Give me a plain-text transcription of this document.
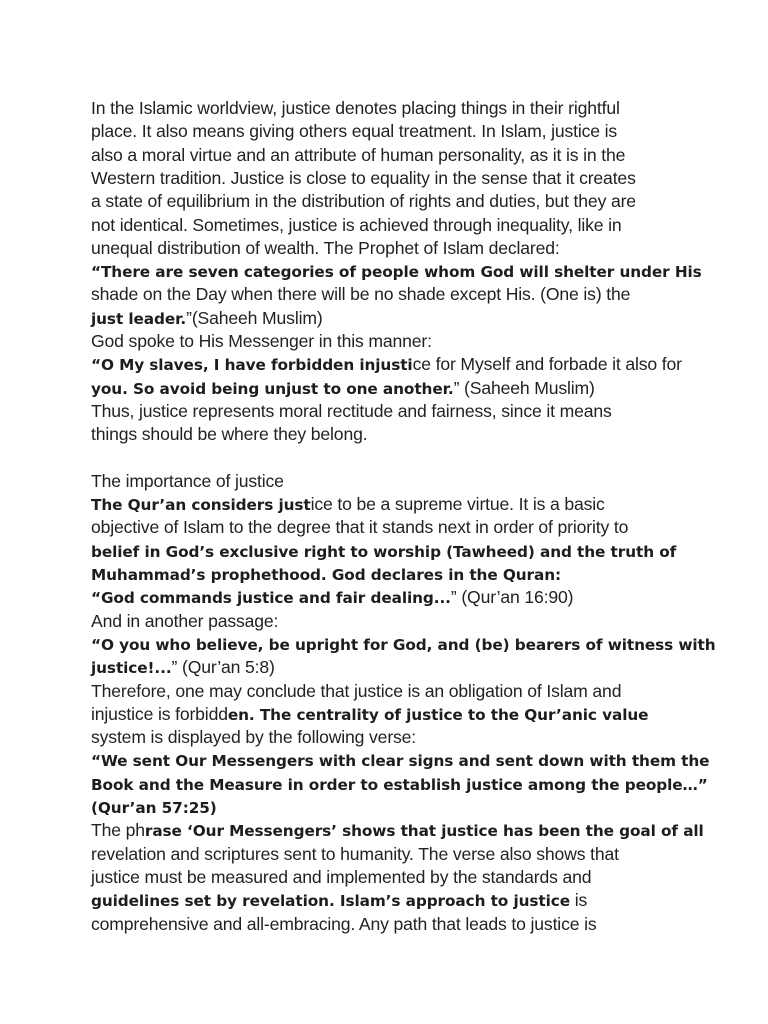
In the Islamic worldview, justice denotes placing things in their rightful
place. It also means giving others equal treatment. In Islam, justice is
also a moral virtue and an attribute of human personality, as it is in the
Western tradition. Justice is close to equality in the sense that it creates
a state of equilibrium in the distribution of rights and duties, but they are
not identical. Sometimes, justice is achieved through inequality, like in
unequal distribution of wealth. The Prophet of Islam declared:
“There are seven categories of people whom God will shelter under His
shade on the Day when there will be no shade except His. (One is) the
just leader.”(Saheeh Muslim)
God spoke to His Messenger in this manner:
“O My slaves, I have forbidden injustice for Myself and forbade it also for
you. So avoid being unjust to one another.” (Saheeh Muslim)
Thus, justice represents moral rectitude and fairness, since it means
things should be where they belong.
The importance of justice
The Qur’an considers justice to be a supreme virtue. It is a basic
objective of Islam to the degree that it stands next in order of priority to
belief in God’s exclusive right to worship (Tawheed) and the truth of
Muhammad’s prophethood. God declares in the Quran:
“God commands justice and fair dealing...” (Qur’an 16:90)
And in another passage:
“O you who believe, be upright for God, and (be) bearers of witness with
justice!...” (Qur’an 5:8)
Therefore, one may conclude that justice is an obligation of Islam and
injustice is forbidden. The centrality of justice to the Qur’anic value
system is displayed by the following verse:
“We sent Our Messengers with clear signs and sent down with them the
Book and the Measure in order to establish justice among the people…”
(Qur’an 57:25)
The phrase ‘Our Messengers’ shows that justice has been the goal of all
revelation and scriptures sent to humanity. The verse also shows that
justice must be measured and implemented by the standards and
guidelines set by revelation. Islam’s approach to justice is
comprehensive and all-embracing. Any path that leads to justice is
